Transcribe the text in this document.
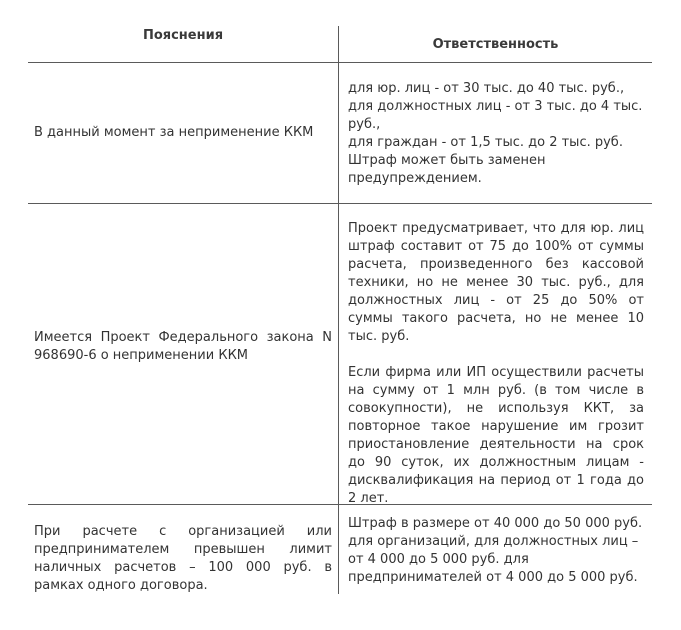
Пояснения
Ответственность
В данный момент за неприменение ККМ

для юр. лиц - от 30 тыс. до 40 тыс. руб.,

для должностных лиц - от 3 тыс. до 4 тыс. руб.,

для граждан - от 1,5 тыс. до 2 тыс. руб.

Штраф может быть заменен предупреждением.

Имеется Проект Федерального закона N 968690-6 о неприменении ККМ

Проект предусматривает, что для юр. лиц штраф составит от 75 до 100% от суммы расчета, произведенного без кассовой техники, но не менее 30 тыс. руб., для должностных лиц - от 25 до 50% от суммы такого расчета, но не менее 10 тыс. руб.

Если фирма или ИП осуществили расчеты на сумму от 1 млн руб. (в том числе в совокупности), не используя ККТ, за повторное такое нарушение им грозит приостановление деятельности на срок до 90 суток, их должностным лицам - дисквалификация на период от 1 года до 2 лет.

При расчете с организацией или предпринимателем превышен лимит наличных расчетов – 100 000 руб. в рамках одного договора.

Штраф в размере от 40 000 до 50 000 руб. для организаций, для должностных лиц – от 4 000 до 5 000 руб. для предпринимателей от 4 000 до 5 000 руб.
